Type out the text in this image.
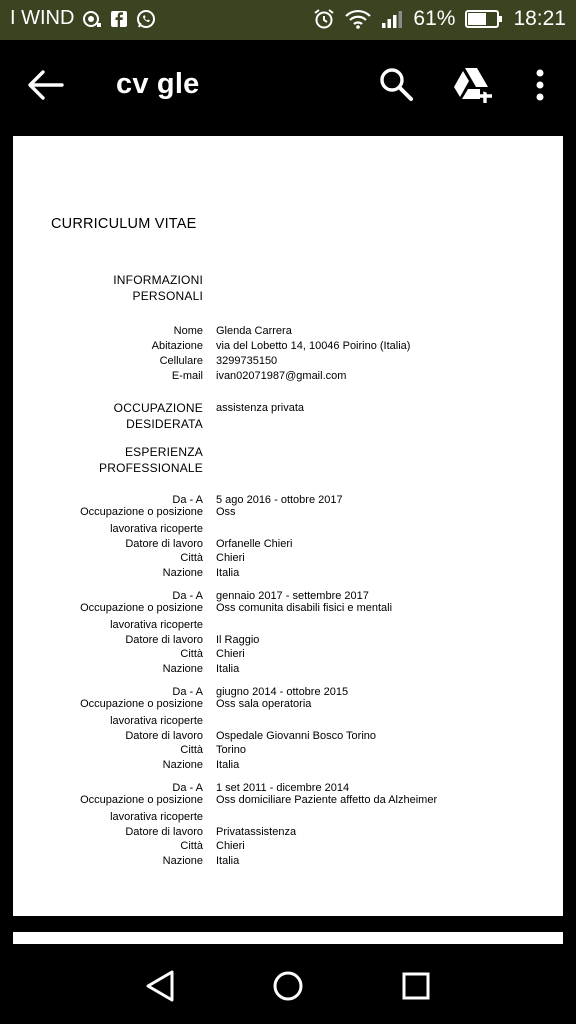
I WIND	61%	18:21
cv gle
CURRICULUM VITAE
INFORMAZIONI PERSONALI
Nome Glenda Carrera
Abitazione via del Lobetto 14, 10046 Poirino (Italia)
Cellulare 3299735150
E-mail ivan02071987@gmail.com
OCCUPAZIONE DESIDERATA
assistenza privata
ESPERIENZA PROFESSIONALE
Da - A 5 ago 2016 - ottobre 2017
Occupazione o posizione Oss
lavorativa ricoperte
Datore di lavoro Orfanelle Chieri
Città Chieri
Nazione Italia
Da - A gennaio 2017 - settembre 2017
Occupazione o posizione Oss comunita disabili fisici e mentali
lavorativa ricoperte
Datore di lavoro Il Raggio
Città Chieri
Nazione Italia
Da - A giugno 2014 - ottobre 2015
Occupazione o posizione Oss sala operatoria
lavorativa ricoperte
Datore di lavoro Ospedale Giovanni Bosco Torino
Città Torino
Nazione Italia
Da - A 1 set 2011 - dicembre 2014
Occupazione o posizione Oss domiciliare Paziente affetto da Alzheimer
lavorativa ricoperte
Datore di lavoro Privatassistenza
Città Chieri
Nazione Italia
